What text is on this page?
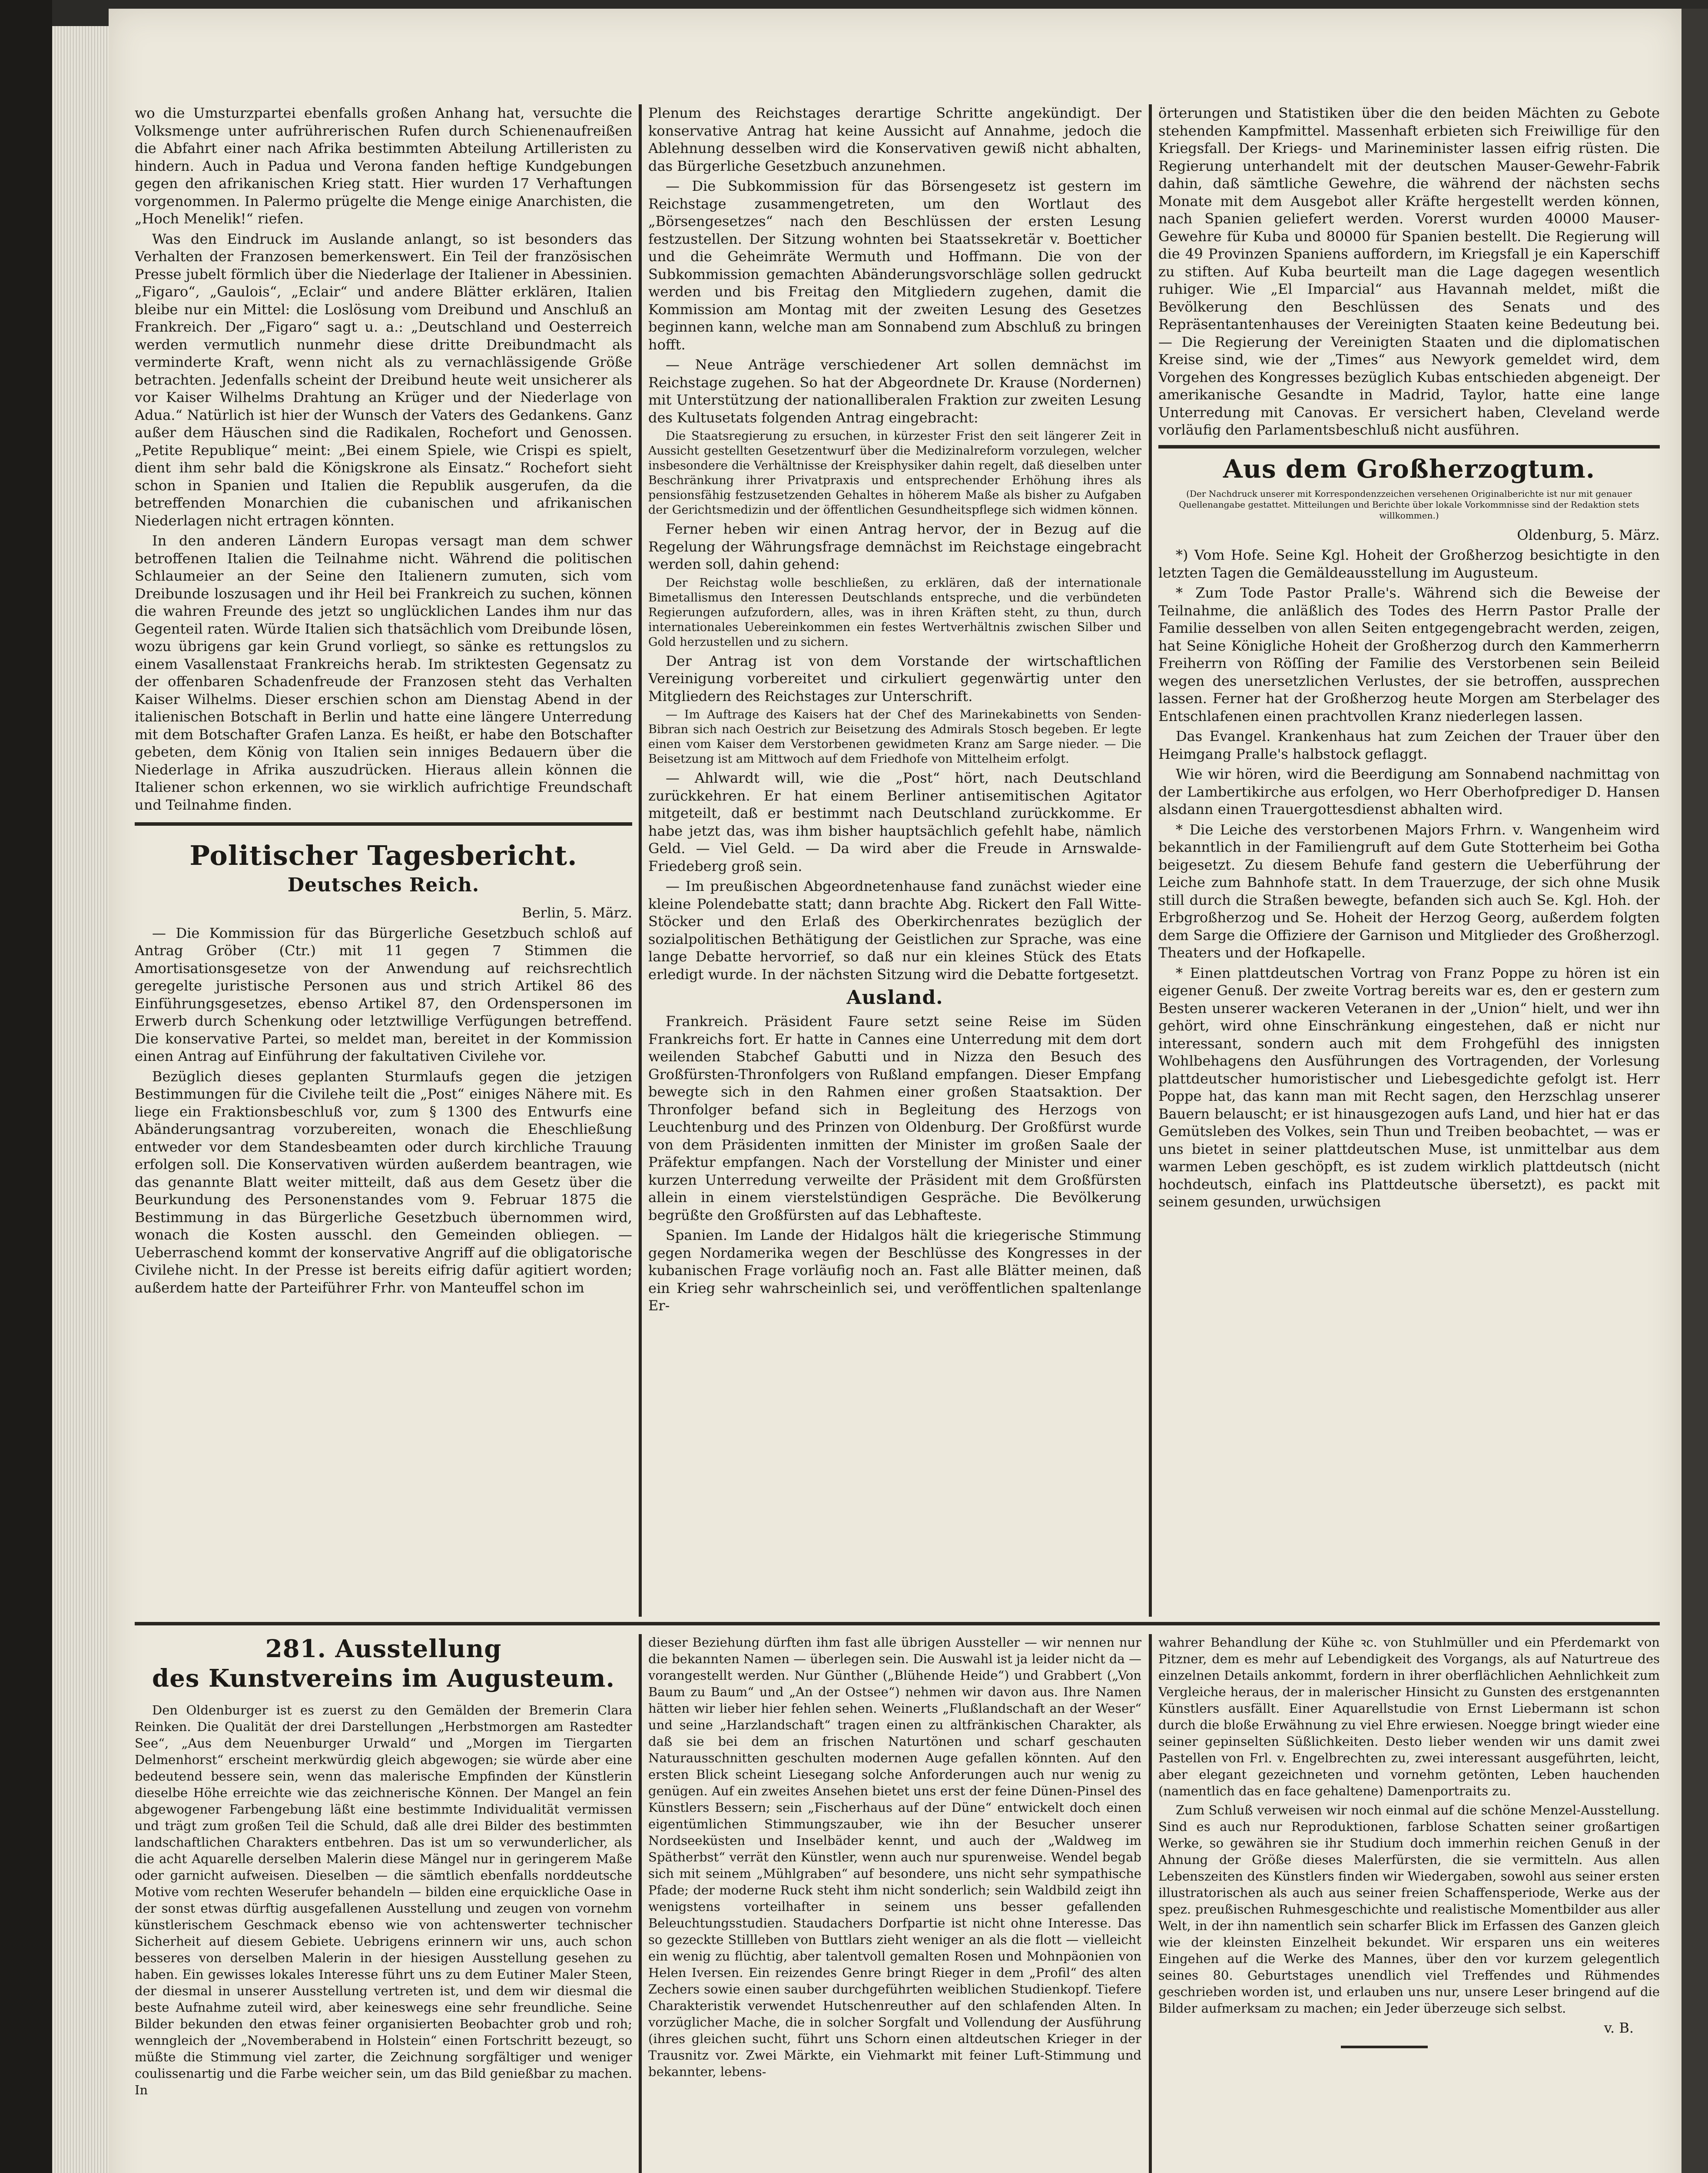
wo die Umsturzpartei ebenfalls großen Anhang hat, versuchte die Volksmenge unter aufrührerischen Rufen durch Schienenaufreißen die Abfahrt einer nach Afrika bestimmten Abteilung Artilleristen zu hindern. Auch in Padua und Verona fanden heftige Kundgebungen gegen den afrikanischen Krieg statt. Hier wurden 17 Verhaftungen vorgenommen. In Palermo prügelte die Menge einige Anarchisten, die „Hoch Menelik!“ riefen.

Was den Eindruck im Auslande anlangt, so ist besonders das Verhalten der Franzosen bemerkenswert. Ein Teil der französischen Presse jubelt förmlich über die Niederlage der Italiener in Abessinien. „Figaro“, „Gaulois“, „Eclair“ und andere Blätter erklären, Italien bleibe nur ein Mittel: die Loslösung vom Dreibund und Anschluß an Frankreich. Der „Figaro“ sagt u. a.: „Deutschland und Oesterreich werden vermutlich nunmehr diese dritte Dreibundmacht als verminderte Kraft, wenn nicht als zu vernachlässigende Größe betrachten. Jedenfalls scheint der Dreibund heute weit unsicherer als vor Kaiser Wilhelms Drahtung an Krüger und der Niederlage von Adua.“ Natürlich ist hier der Wunsch der Vaters des Gedankens. Ganz außer dem Häuschen sind die Radikalen, Rochefort und Genossen. „Petite Republique“ meint: „Bei einem Spiele, wie Crispi es spielt, dient ihm sehr bald die Königskrone als Einsatz.“ Rochefort sieht schon in Spanien und Italien die Republik ausgerufen, da die betreffenden Monarchien die cubanischen und afrikanischen Niederlagen nicht ertragen könnten.

In den anderen Ländern Europas versagt man dem schwer betroffenen Italien die Teilnahme nicht. Während die politischen Schlaumeier an der Seine den Italienern zumuten, sich vom Dreibunde loszusagen und ihr Heil bei Frankreich zu suchen, können die wahren Freunde des jetzt so unglücklichen Landes ihm nur das Gegenteil raten. Würde Italien sich thatsächlich vom Dreibunde lösen, wozu übrigens gar kein Grund vorliegt, so sänke es rettungslos zu einem Vasallenstaat Frankreichs herab. Im striktesten Gegensatz zu der offenbaren Schadenfreude der Franzosen steht das Verhalten Kaiser Wilhelms. Dieser erschien schon am Dienstag Abend in der italienischen Botschaft in Berlin und hatte eine längere Unterredung mit dem Botschafter Grafen Lanza. Es heißt, er habe den Botschafter gebeten, dem König von Italien sein inniges Bedauern über die Niederlage in Afrika auszudrücken. Hieraus allein können die Italiener schon erkennen, wo sie wirklich aufrichtige Freundschaft und Teilnahme finden.

Politischer Tagesbericht.
Deutsches Reich.

Berlin, 5. März.

— Die Kommission für das Bürgerliche Gesetzbuch schloß auf Antrag Gröber (Ctr.) mit 11 gegen 7 Stimmen die Amortisationsgesetze von der Anwendung auf reichsrechtlich geregelte juristische Personen aus und strich Artikel 86 des Einführungsgesetzes, ebenso Artikel 87, den Ordenspersonen im Erwerb durch Schenkung oder letztwillige Verfügungen betreffend. Die konservative Partei, so meldet man, bereitet in der Kommission einen Antrag auf Einführung der fakultativen Civilehe vor.

Bezüglich dieses geplanten Sturmlaufs gegen die jetzigen Bestimmungen für die Civilehe teilt die „Post“ einiges Nähere mit. Es liege ein Fraktionsbeschluß vor, zum § 1300 des Entwurfs eine Abänderungsantrag vorzubereiten, wonach die Eheschließung entweder vor dem Standesbeamten oder durch kirchliche Trauung erfolgen soll. Die Konservativen würden außerdem beantragen, wie das genannte Blatt weiter mitteilt, daß aus dem Gesetz über die Beurkundung des Personenstandes vom 9. Februar 1875 die Bestimmung in das Bürgerliche Gesetzbuch übernommen wird, wonach die Kosten ausschl. den Gemeinden obliegen. — Ueberraschend kommt der konservative Angriff auf die obligatorische Civilehe nicht. In der Presse ist bereits eifrig dafür agitiert worden; außerdem hatte der Parteiführer Frhr. von Manteuffel schon im

Plenum des Reichstages derartige Schritte angekündigt. Der konservative Antrag hat keine Aussicht auf Annahme, jedoch die Ablehnung desselben wird die Konservativen gewiß nicht abhalten, das Bürgerliche Gesetzbuch anzunehmen.

— Die Subkommission für das Börsengesetz ist gestern im Reichstage zusammengetreten, um den Wortlaut des „Börsengesetzes“ nach den Beschlüssen der ersten Lesung festzustellen. Der Sitzung wohnten bei Staatssekretär v. Boetticher und die Geheimräte Wermuth und Hoffmann. Die von der Subkommission gemachten Abänderungsvorschläge sollen gedruckt werden und bis Freitag den Mitgliedern zugehen, damit die Kommission am Montag mit der zweiten Lesung des Gesetzes beginnen kann, welche man am Sonnabend zum Abschluß zu bringen hofft.

— Neue Anträge verschiedener Art sollen demnächst im Reichstage zugehen. So hat der Abgeordnete Dr. Krause (Nordernen) mit Unterstützung der nationalliberalen Fraktion zur zweiten Lesung des Kultusetats folgenden Antrag eingebracht:

Die Staatsregierung zu ersuchen, in kürzester Frist den seit längerer Zeit in Aussicht gestellten Gesetzentwurf über die Medizinalreform vorzulegen, welcher insbesondere die Verhältnisse der Kreisphysiker dahin regelt, daß dieselben unter Beschränkung ihrer Privatpraxis und entsprechender Erhöhung ihres als pensionsfähig festzusetzenden Gehaltes in höherem Maße als bisher zu Aufgaben der Gerichtsmedizin und der öffentlichen Gesundheitspflege sich widmen können.

Ferner heben wir einen Antrag hervor, der in Bezug auf die Regelung der Währungsfrage demnächst im Reichstage eingebracht werden soll, dahin gehend:

Der Reichstag wolle beschließen, zu erklären, daß der internationale Bimetallismus den Interessen Deutschlands entspreche, und die verbündeten Regierungen aufzufordern, alles, was in ihren Kräften steht, zu thun, durch internationales Uebereinkommen ein festes Wertverhältnis zwischen Silber und Gold herzustellen und zu sichern.

Der Antrag ist von dem Vorstande der wirtschaftlichen Vereinigung vorbereitet und cirkuliert gegenwärtig unter den Mitgliedern des Reichstages zur Unterschrift.

— Im Auftrage des Kaisers hat der Chef des Marinekabinetts von Senden-Bibran sich nach Oestrich zur Beisetzung des Admirals Stosch begeben. Er legte einen vom Kaiser dem Verstorbenen gewidmeten Kranz am Sarge nieder. — Die Beisetzung ist am Mittwoch auf dem Friedhofe von Mittelheim erfolgt.

— Ahlwardt will, wie die „Post“ hört, nach Deutschland zurückkehren. Er hat einem Berliner antisemitischen Agitator mitgeteilt, daß er bestimmt nach Deutschland zurückkomme. Er habe jetzt das, was ihm bisher hauptsächlich gefehlt habe, nämlich Geld. — Viel Geld. — Da wird aber die Freude in Arnswalde-Friedeberg groß sein.

— Im preußischen Abgeordnetenhause fand zunächst wieder eine kleine Polendebatte statt; dann brachte Abg. Rickert den Fall Witte-Stöcker und den Erlaß des Oberkirchenrates bezüglich der sozialpolitischen Bethätigung der Geistlichen zur Sprache, was eine lange Debatte hervorrief, so daß nur ein kleines Stück des Etats erledigt wurde. In der nächsten Sitzung wird die Debatte fortgesetzt.

Ausland.

Frankreich. Präsident Faure setzt seine Reise im Süden Frankreichs fort. Er hatte in Cannes eine Unterredung mit dem dort weilenden Stabchef Gabutti und in Nizza den Besuch des Großfürsten-Thronfolgers von Rußland empfangen. Dieser Empfang bewegte sich in den Rahmen einer großen Staatsaktion. Der Thronfolger befand sich in Begleitung des Herzogs von Leuchtenburg und des Prinzen von Oldenburg. Der Großfürst wurde von dem Präsidenten inmitten der Minister im großen Saale der Präfektur empfangen. Nach der Vorstellung der Minister und einer kurzen Unterredung verweilte der Präsident mit dem Großfürsten allein in einem vierstelstündigen Gespräche. Die Bevölkerung begrüßte den Großfürsten auf das Lebhafteste.

Spanien. Im Lande der Hidalgos hält die kriegerische Stimmung gegen Nordamerika wegen der Beschlüsse des Kongresses in der kubanischen Frage vorläufig noch an. Fast alle Blätter meinen, daß ein Krieg sehr wahrscheinlich sei, und veröffentlichen spaltenlange Er-

örterungen und Statistiken über die den beiden Mächten zu Gebote stehenden Kampfmittel. Massenhaft erbieten sich Freiwillige für den Kriegsfall. Der Kriegs- und Marineminister lassen eifrig rüsten. Die Regierung unterhandelt mit der deutschen Mauser-Gewehr-Fabrik dahin, daß sämtliche Gewehre, die während der nächsten sechs Monate mit dem Ausgebot aller Kräfte hergestellt werden können, nach Spanien geliefert werden. Vorerst wurden 40000 Mauser-Gewehre für Kuba und 80000 für Spanien bestellt. Die Regierung will die 49 Provinzen Spaniens auffordern, im Kriegsfall je ein Kaperschiff zu stiften. Auf Kuba beurteilt man die Lage dagegen wesentlich ruhiger. Wie „El Imparcial“ aus Havannah meldet, mißt die Bevölkerung den Beschlüssen des Senats und des Repräsentantenhauses der Vereinigten Staaten keine Bedeutung bei. — Die Regierung der Vereinigten Staaten und die diplomatischen Kreise sind, wie der „Times“ aus Newyork gemeldet wird, dem Vorgehen des Kongresses bezüglich Kubas entschieden abgeneigt. Der amerikanische Gesandte in Madrid, Taylor, hatte eine lange Unterredung mit Canovas. Er versichert haben, Cleveland werde vorläufig den Parlamentsbeschluß nicht ausführen.

Aus dem Großherzogtum.

(Der Nachdruck unserer mit Korrespondenzzeichen versehenen Originalberichte ist nur mit genauer Quellenangabe gestattet. Mitteilungen und Berichte über lokale Vorkommnisse sind der Redaktion stets willkommen.)

Oldenburg, 5. März.

*) Vom Hofe. Seine Kgl. Hoheit der Großherzog besichtigte in den letzten Tagen die Gemäldeausstellung im Augusteum.

* Zum Tode Pastor Pralle's. Während sich die Beweise der Teilnahme, die anläßlich des Todes des Herrn Pastor Pralle der Familie desselben von allen Seiten entgegengebracht werden, zeigen, hat Seine Königliche Hoheit der Großherzog durch den Kammerherrn Freiherrn von Röſſing der Familie des Verstorbenen sein Beileid wegen des unersetzlichen Verlustes, der sie betroffen, aussprechen lassen. Ferner hat der Großherzog heute Morgen am Sterbelager des Entschlafenen einen prachtvollen Kranz niederlegen lassen.

Das Evangel. Krankenhaus hat zum Zeichen der Trauer über den Heimgang Pralle's halbstock geflaggt.

Wie wir hören, wird die Beerdigung am Sonnabend nachmittag von der Lambertikirche aus erfolgen, wo Herr Oberhofprediger D. Hansen alsdann einen Trauergottesdienst abhalten wird.

* Die Leiche des verstorbenen Majors Frhrn. v. Wangenheim wird bekanntlich in der Familiengruft auf dem Gute Stotterheim bei Gotha beigesetzt. Zu diesem Behufe fand gestern die Ueberführung der Leiche zum Bahnhofe statt. In dem Trauerzuge, der sich ohne Musik still durch die Straßen bewegte, befanden sich auch Se. Kgl. Hoh. der Erbgroßherzog und Se. Hoheit der Herzog Georg, außerdem folgten dem Sarge die Offiziere der Garnison und Mitglieder des Großherzogl. Theaters und der Hofkapelle.

* Einen plattdeutschen Vortrag von Franz Poppe zu hören ist ein eigener Genuß. Der zweite Vortrag bereits war es, den er gestern zum Besten unserer wackeren Veteranen in der „Union“ hielt, und wer ihn gehört, wird ohne Einschränkung eingestehen, daß er nicht nur interessant, sondern auch mit dem Frohgefühl des innigsten Wohlbehagens den Ausführungen des Vortragenden, der Vorlesung plattdeutscher humoristischer und Liebesgedichte gefolgt ist. Herr Poppe hat, das kann man mit Recht sagen, den Herzschlag unserer Bauern belauscht; er ist hinausgezogen aufs Land, und hier hat er das Gemütsleben des Volkes, sein Thun und Treiben beobachtet, — was er uns bietet in seiner plattdeutschen Muse, ist unmittelbar aus dem warmen Leben geschöpft, es ist zudem wirklich plattdeutsch (nicht hochdeutsch, einfach ins Plattdeutsche übersetzt), es packt mit seinem gesunden, urwüchsigen

281. Ausstellung
des Kunstvereins im Augusteum.

Den Oldenburger ist es zuerst zu den Gemälden der Bremerin Clara Reinken. Die Qualität der drei Darstellungen „Herbstmorgen am Rastedter See“, „Aus dem Neuenburger Urwald“ und „Morgen im Tiergarten Delmenhorst“ erscheint merkwürdig gleich abgewogen; sie würde aber eine bedeutend bessere sein, wenn das malerische Empfinden der Künstlerin dieselbe Höhe erreichte wie das zeichnerische Können. Der Mangel an fein abgewogener Farbengebung läßt eine bestimmte Individualität vermissen und trägt zum großen Teil die Schuld, daß alle drei Bilder des bestimmten landschaftlichen Charakters entbehren. Das ist um so verwunderlicher, als die acht Aquarelle derselben Malerin diese Mängel nur in geringerem Maße oder garnicht aufweisen. Dieselben — die sämtlich ebenfalls norddeutsche Motive vom rechten Weserufer behandeln — bilden eine erquickliche Oase in der sonst etwas dürftig ausgefallenen Ausstellung und zeugen von vornehm künstlerischem Geschmack ebenso wie von achtenswerter technischer Sicherheit auf diesem Gebiete. Uebrigens erinnern wir uns, auch schon besseres von derselben Malerin in der hiesigen Ausstellung gesehen zu haben. Ein gewisses lokales Interesse führt uns zu dem Eutiner Maler Steen, der diesmal in unserer Ausstellung vertreten ist, und dem wir diesmal die beste Aufnahme zuteil wird, aber keineswegs eine sehr freundliche. Seine Bilder bekunden den etwas feiner organisierten Beobachter grob und roh; wenngleich der „Novemberabend in Holstein“ einen Fortschritt bezeugt, so müßte die Stimmung viel zarter, die Zeichnung sorgfältiger und weniger coulissenartig und die Farbe weicher sein, um das Bild genießbar zu machen. In

dieser Beziehung dürften ihm fast alle übrigen Aussteller — wir nennen nur die bekannten Namen — überlegen sein. Die Auswahl ist ja leider nicht da — vorangestellt werden. Nur Günther („Blühende Heide“) und Grabbert („Von Baum zu Baum“ und „An der Ostsee“) nehmen wir davon aus. Ihre Namen hätten wir lieber hier fehlen sehen. Weinerts „Flußlandschaft an der Weser“ und seine „Harzlandschaft“ tragen einen zu altfränkischen Charakter, als daß sie bei dem an frischen Naturtönen und scharf geschauten Naturausschnitten geschulten modernen Auge gefallen könnten. Auf den ersten Blick scheint Liesegang solche Anforderungen auch nur wenig zu genügen. Auf ein zweites Ansehen bietet uns erst der feine Dünen-Pinsel des Künstlers Bessern; sein „Fischerhaus auf der Düne“ entwickelt doch einen eigentümlichen Stimmungszauber, wie ihn der Besucher unserer Nordseeküsten und Inselbäder kennt, und auch der „Waldweg im Spätherbst“ verrät den Künstler, wenn auch nur spurenweise. Wendel begab sich mit seinem „Mühlgraben“ auf besondere, uns nicht sehr sympathische Pfade; der moderne Ruck steht ihm nicht sonderlich; sein Waldbild zeigt ihn wenigstens vorteilhafter in seinem uns besser gefallenden Beleuchtungsstudien. Staudachers Dorfpartie ist nicht ohne Interesse. Das so gezeckte Stillleben von Buttlars zieht weniger an als die flott — vielleicht ein wenig zu flüchtig, aber talentvoll gemalten Rosen und Mohnpäonien von Helen Iversen. Ein reizendes Genre bringt Rieger in dem „Profil“ des alten Zechers sowie einen sauber durchgeführten weiblichen Studienkopf. Tiefere Charakteristik verwendet Hutschenreuther auf den schlafenden Alten. In vorzüglicher Mache, die in solcher Sorgfalt und Vollendung der Ausführung (ihres gleichen sucht, führt uns Schorn einen altdeutschen Krieger in der Trausnitz vor. Zwei Märkte, ein Viehmarkt mit feiner Luft-Stimmung und bekannter, lebens-

wahrer Behandlung der Kühe ꝛc. von Stuhlmüller und ein Pferdemarkt von Pitzner, dem es mehr auf Lebendigkeit des Vorgangs, als auf Naturtreue des einzelnen Details ankommt, fordern in ihrer oberflächlichen Aehnlichkeit zum Vergleiche heraus, der in malerischer Hinsicht zu Gunsten des erstgenannten Künstlers ausfällt. Einer Aquarellstudie von Ernst Liebermann ist schon durch die bloße Erwähnung zu viel Ehre erwiesen. Noegge bringt wieder eine seiner gepinselten Süßlichkeiten. Desto lieber wenden wir uns damit zwei Pastellen von Frl. v. Engelbrechten zu, zwei interessant ausgeführten, leicht, aber elegant gezeichneten und vornehm getönten, Leben hauchenden (namentlich das en face gehaltene) Damenportraits zu.

Zum Schluß verweisen wir noch einmal auf die schöne Menzel-Ausstellung. Sind es auch nur Reproduktionen, farblose Schatten seiner großartigen Werke, so gewähren sie ihr Studium doch immerhin reichen Genuß in der Ahnung der Größe dieses Malerfürsten, die sie vermitteln. Aus allen Lebenszeiten des Künstlers finden wir Wiedergaben, sowohl aus seiner ersten illustratorischen als auch aus seiner freien Schaffensperiode, Werke aus der spez. preußischen Ruhmesgeschichte und realistische Momentbilder aus aller Welt, in der ihn namentlich sein scharfer Blick im Erfassen des Ganzen gleich wie der kleinsten Einzelheit bekundet. Wir ersparen uns ein weiteres Eingehen auf die Werke des Mannes, über den vor kurzem gelegentlich seines 80. Geburtstages unendlich viel Treffendes und Rühmendes geschrieben worden ist, und erlauben uns nur, unsere Leser bringend auf die Bilder aufmerksam zu machen; ein Jeder überzeuge sich selbst.

v. B.
